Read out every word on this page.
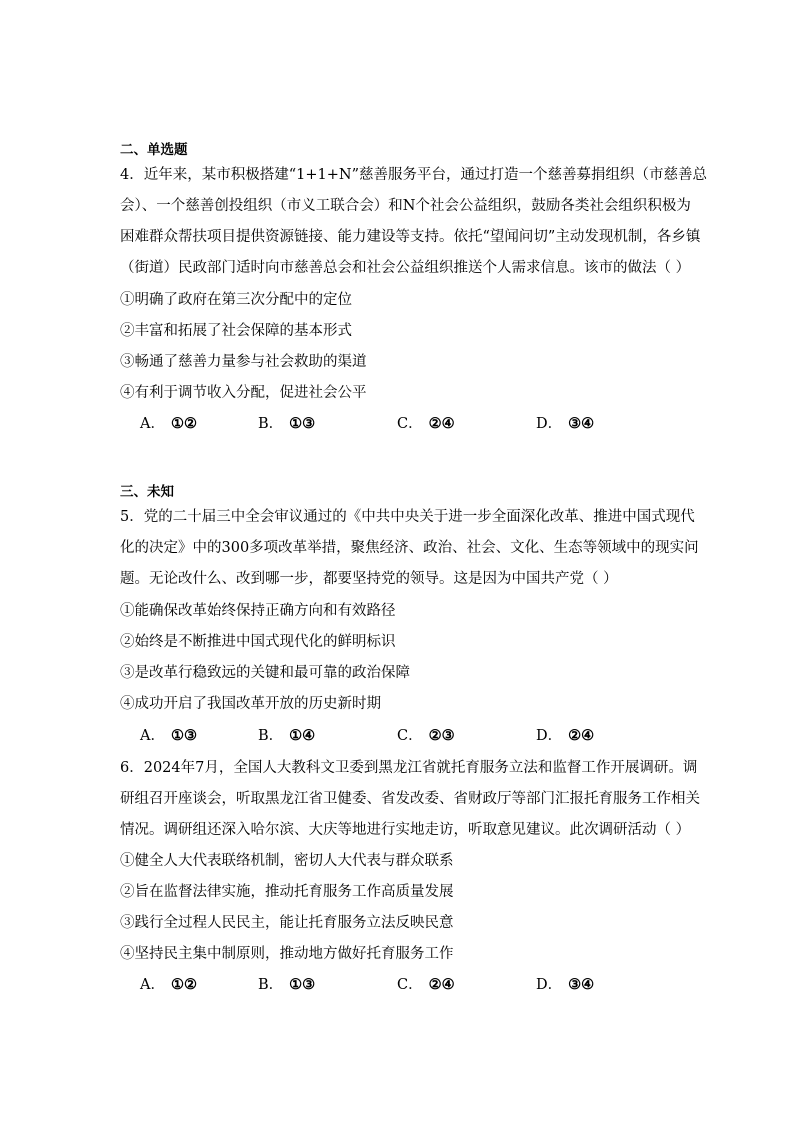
二、单选题
4．近年来，某市积极搭建“1+1+N”慈善服务平台，通过打造一个慈善募捐组织（市慈善总
会）、一个慈善创投组织（市义工联合会）和N个社会公益组织，鼓励各类社会组织积极为
困难群众帮扶项目提供资源链接、能力建设等支持。依托“望闻问切”主动发现机制，各乡镇
（街道）民政部门适时向市慈善总会和社会公益组织推送个人需求信息。该市的做法（ ）
①明确了政府在第三次分配中的定位
②丰富和拓展了社会保障的基本形式
③畅通了慈善力量参与社会救助的渠道
④有利于调节收入分配，促进社会公平
A． ①②	B． ①③	C． ②④	D． ③④
三、未知
5．党的二十届三中全会审议通过的《中共中央关于进一步全面深化改革、推进中国式现代
化的决定》中的300多项改革举措，聚焦经济、政治、社会、文化、生态等领域中的现实问
题。无论改什么、改到哪一步，都要坚持党的领导。这是因为中国共产党（ ）
①能确保改革始终保持正确方向和有效路径
②始终是不断推进中国式现代化的鲜明标识
③是改革行稳致远的关键和最可靠的政治保障
④成功开启了我国改革开放的历史新时期
A． ①③	B． ①④	C． ②③	D． ②④
6．2024年7月，全国人大教科文卫委到黑龙江省就托育服务立法和监督工作开展调研。调
研组召开座谈会，听取黑龙江省卫健委、省发改委、省财政厅等部门汇报托育服务工作相关
情况。调研组还深入哈尔滨、大庆等地进行实地走访，听取意见建议。此次调研活动（ ）
①健全人大代表联络机制，密切人大代表与群众联系
②旨在监督法律实施，推动托育服务工作高质量发展
③践行全过程人民民主，能让托育服务立法反映民意
④坚持民主集中制原则，推动地方做好托育服务工作
A． ①②	B． ①③	C． ②④	D． ③④
